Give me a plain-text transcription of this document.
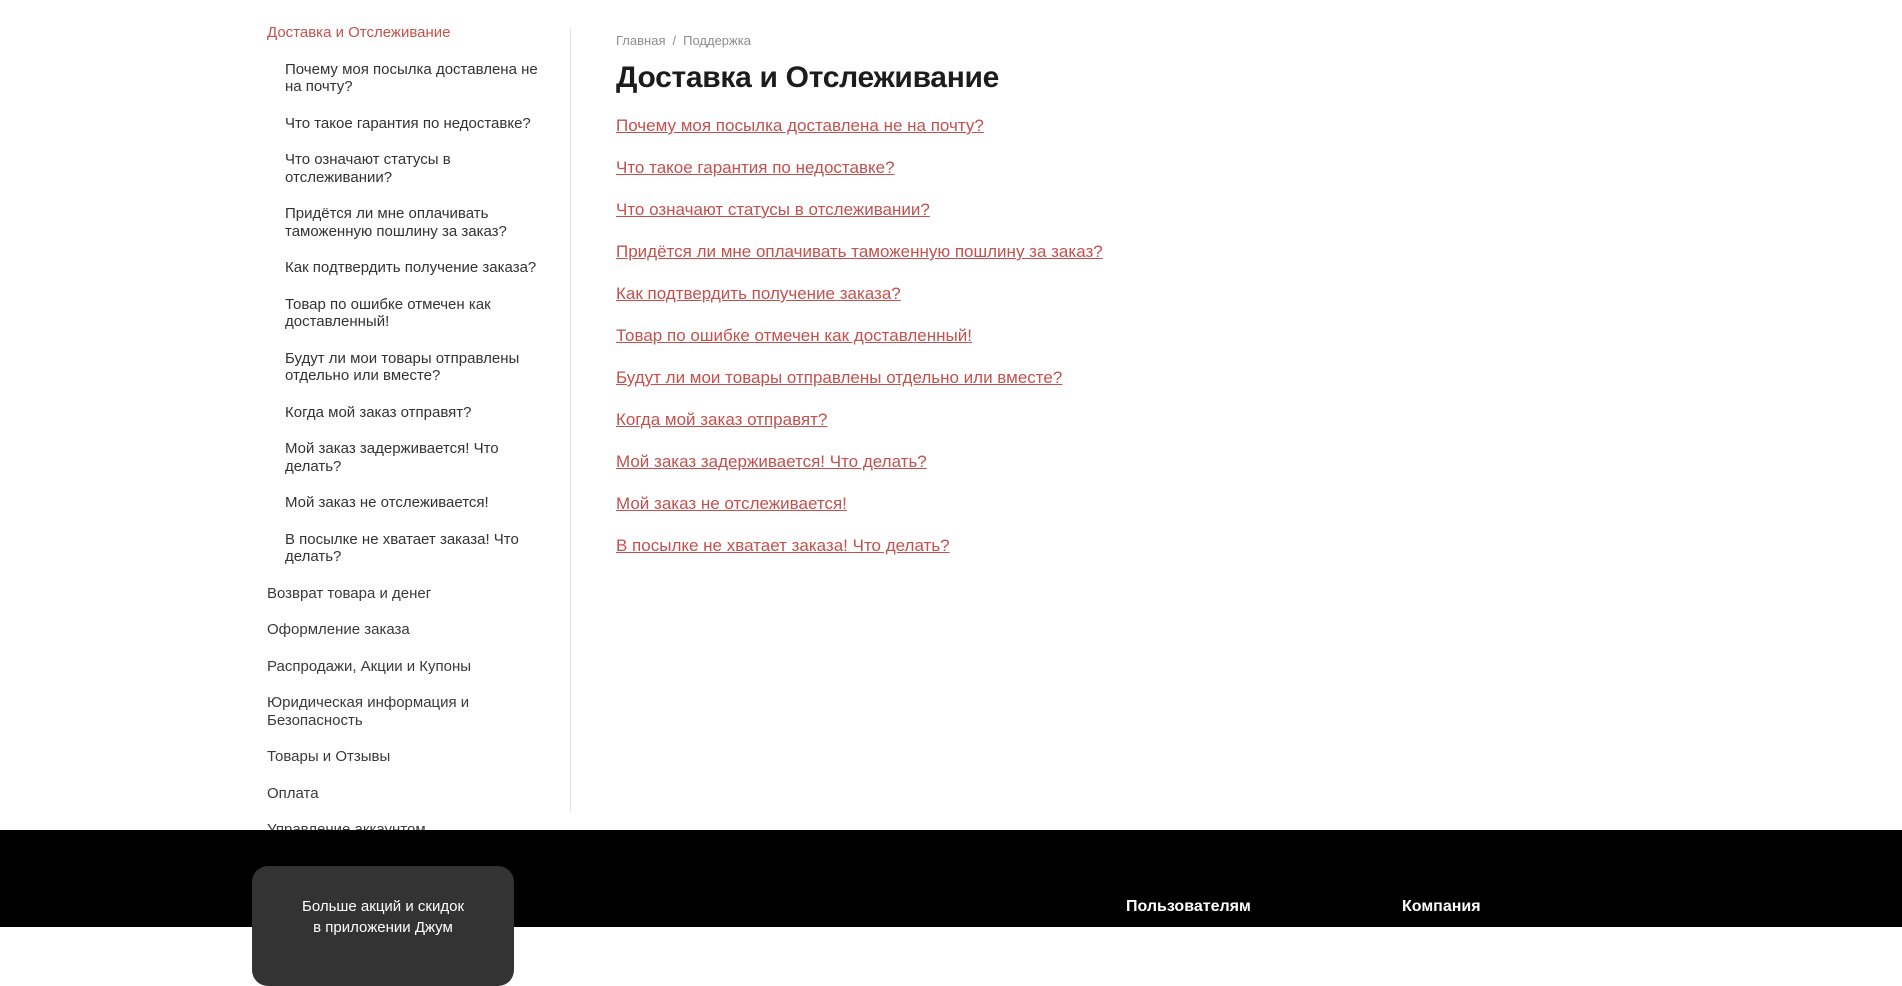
Доставка и Отслеживание
Почему моя посылка доставлена не на почту?
Что такое гарантия по недоставке?
Что означают статусы в отслеживании?
Придётся ли мне оплачивать таможенную пошлину за заказ?
Как подтвердить получение заказа?
Товар по ошибке отмечен как доставленный!
Будут ли мои товары отправлены отдельно или вместе?
Когда мой заказ отправят?
Мой заказ задерживается! Что делать?
Мой заказ не отслеживается!
В посылке не хватает заказа! Что делать?
Возврат товара и денег
Оформление заказа
Распродажи, Акции и Купоны
Юридическая информация и Безопасность
Товары и Отзывы
Оплата
Главная / Поддержка
Доставка и Отслеживание
Почему моя посылка доставлена не на почту?
Что такое гарантия по недоставке?
Что означают статусы в отслеживании?
Придётся ли мне оплачивать таможенную пошлину за заказ?
Как подтвердить получение заказа?
Товар по ошибке отмечен как доставленный!
Будут ли мои товары отправлены отдельно или вместе?
Когда мой заказ отправят?
Мой заказ задерживается! Что делать?
Мой заказ не отслеживается!
В посылке не хватает заказа! Что делать?
Больше акций и скидок
в приложении Джум
Пользователям	Компания
